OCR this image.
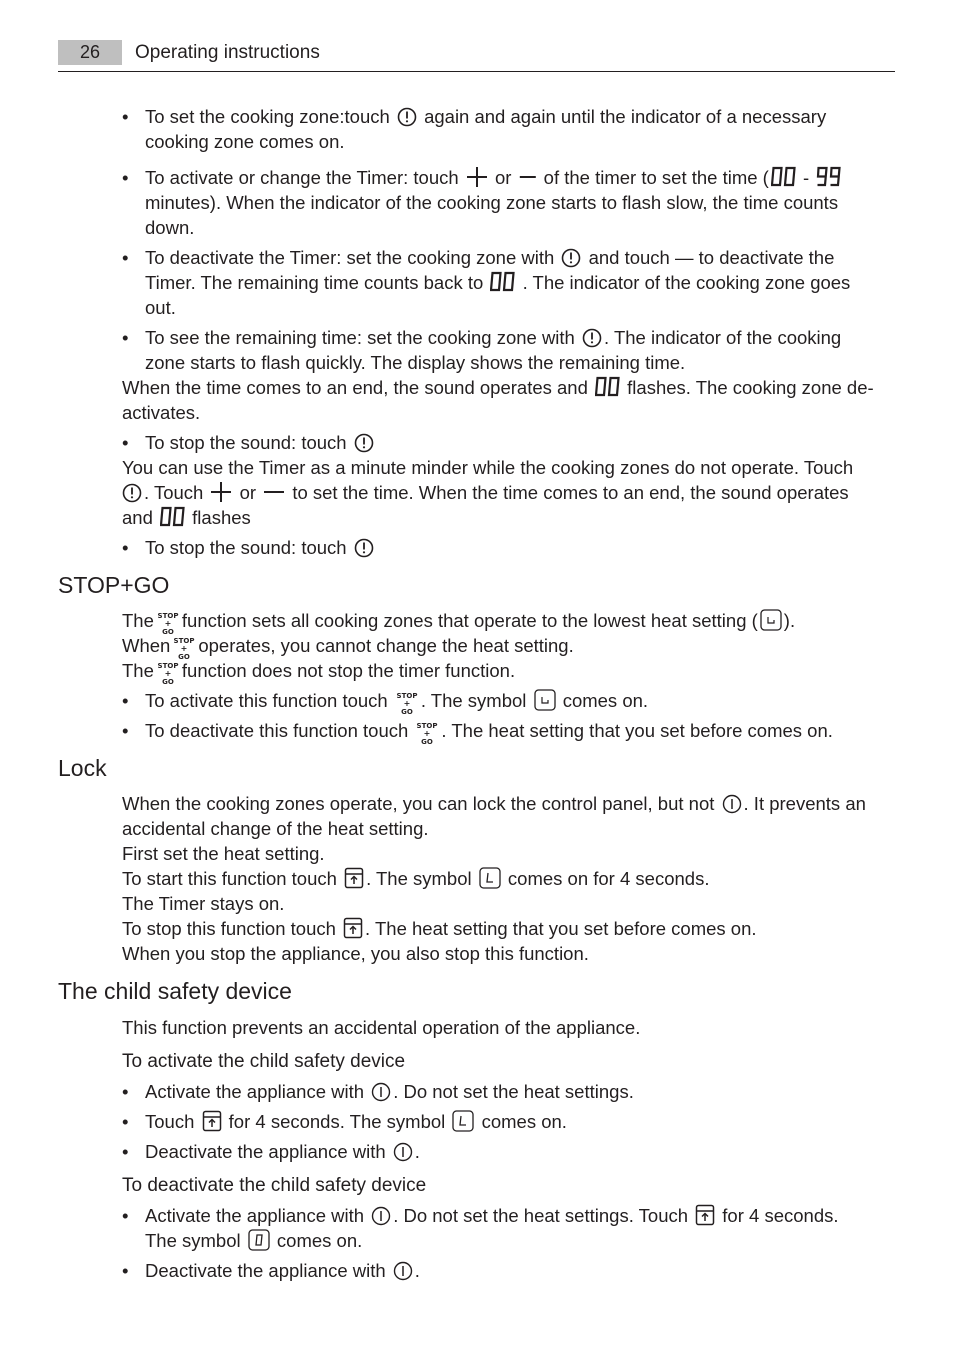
26	Operating instructions
• To set the cooking zone:touch again and again until the indicator of a necessary
cooking zone comes on.
• To activate or change the Timer: touch or of the timer to set the time ( -
minutes). When the indicator of the cooking zone starts to flash slow, the time counts
down.
• To deactivate the Timer: set the cooking zone with and touch — to deactivate the
Timer. The remaining time counts back to . The indicator of the cooking zone goes
out.
• To see the remaining time: set the cooking zone with . The indicator of the cooking
zone starts to flash quickly. The display shows the remaining time.
When the time comes to an end, the sound operates and flashes. The cooking zone de-
activates.
• To stop the sound: touch
You can use the Timer as a minute minder while the cooking zones do not operate. Touch
. Touch or to set the time. When the time comes to an end, the sound operates
and flashes
• To stop the sound: touch
STOP+GO
The function sets all cooking zones that operate to the lowest heat setting ( ).
When operates, you cannot change the heat setting.
The function does not stop the timer function.
• To activate this function touch . The symbol comes on.
• To deactivate this function touch . The heat setting that you set before comes on.
Lock
When the cooking zones operate, you can lock the control panel, but not . It prevents an
accidental change of the heat setting.
First set the heat setting.
To start this function touch . The symbol comes on for 4 seconds.
The Timer stays on.
To stop this function touch . The heat setting that you set before comes on.
When you stop the appliance, you also stop this function.
The child safety device
This function prevents an accidental operation of the appliance.
To activate the child safety device
• Activate the appliance with . Do not set the heat settings.
• Touch for 4 seconds. The symbol comes on.
• Deactivate the appliance with .
To deactivate the child safety device
• Activate the appliance with . Do not set the heat settings. Touch for 4 seconds.
The symbol comes on.
• Deactivate the appliance with .
